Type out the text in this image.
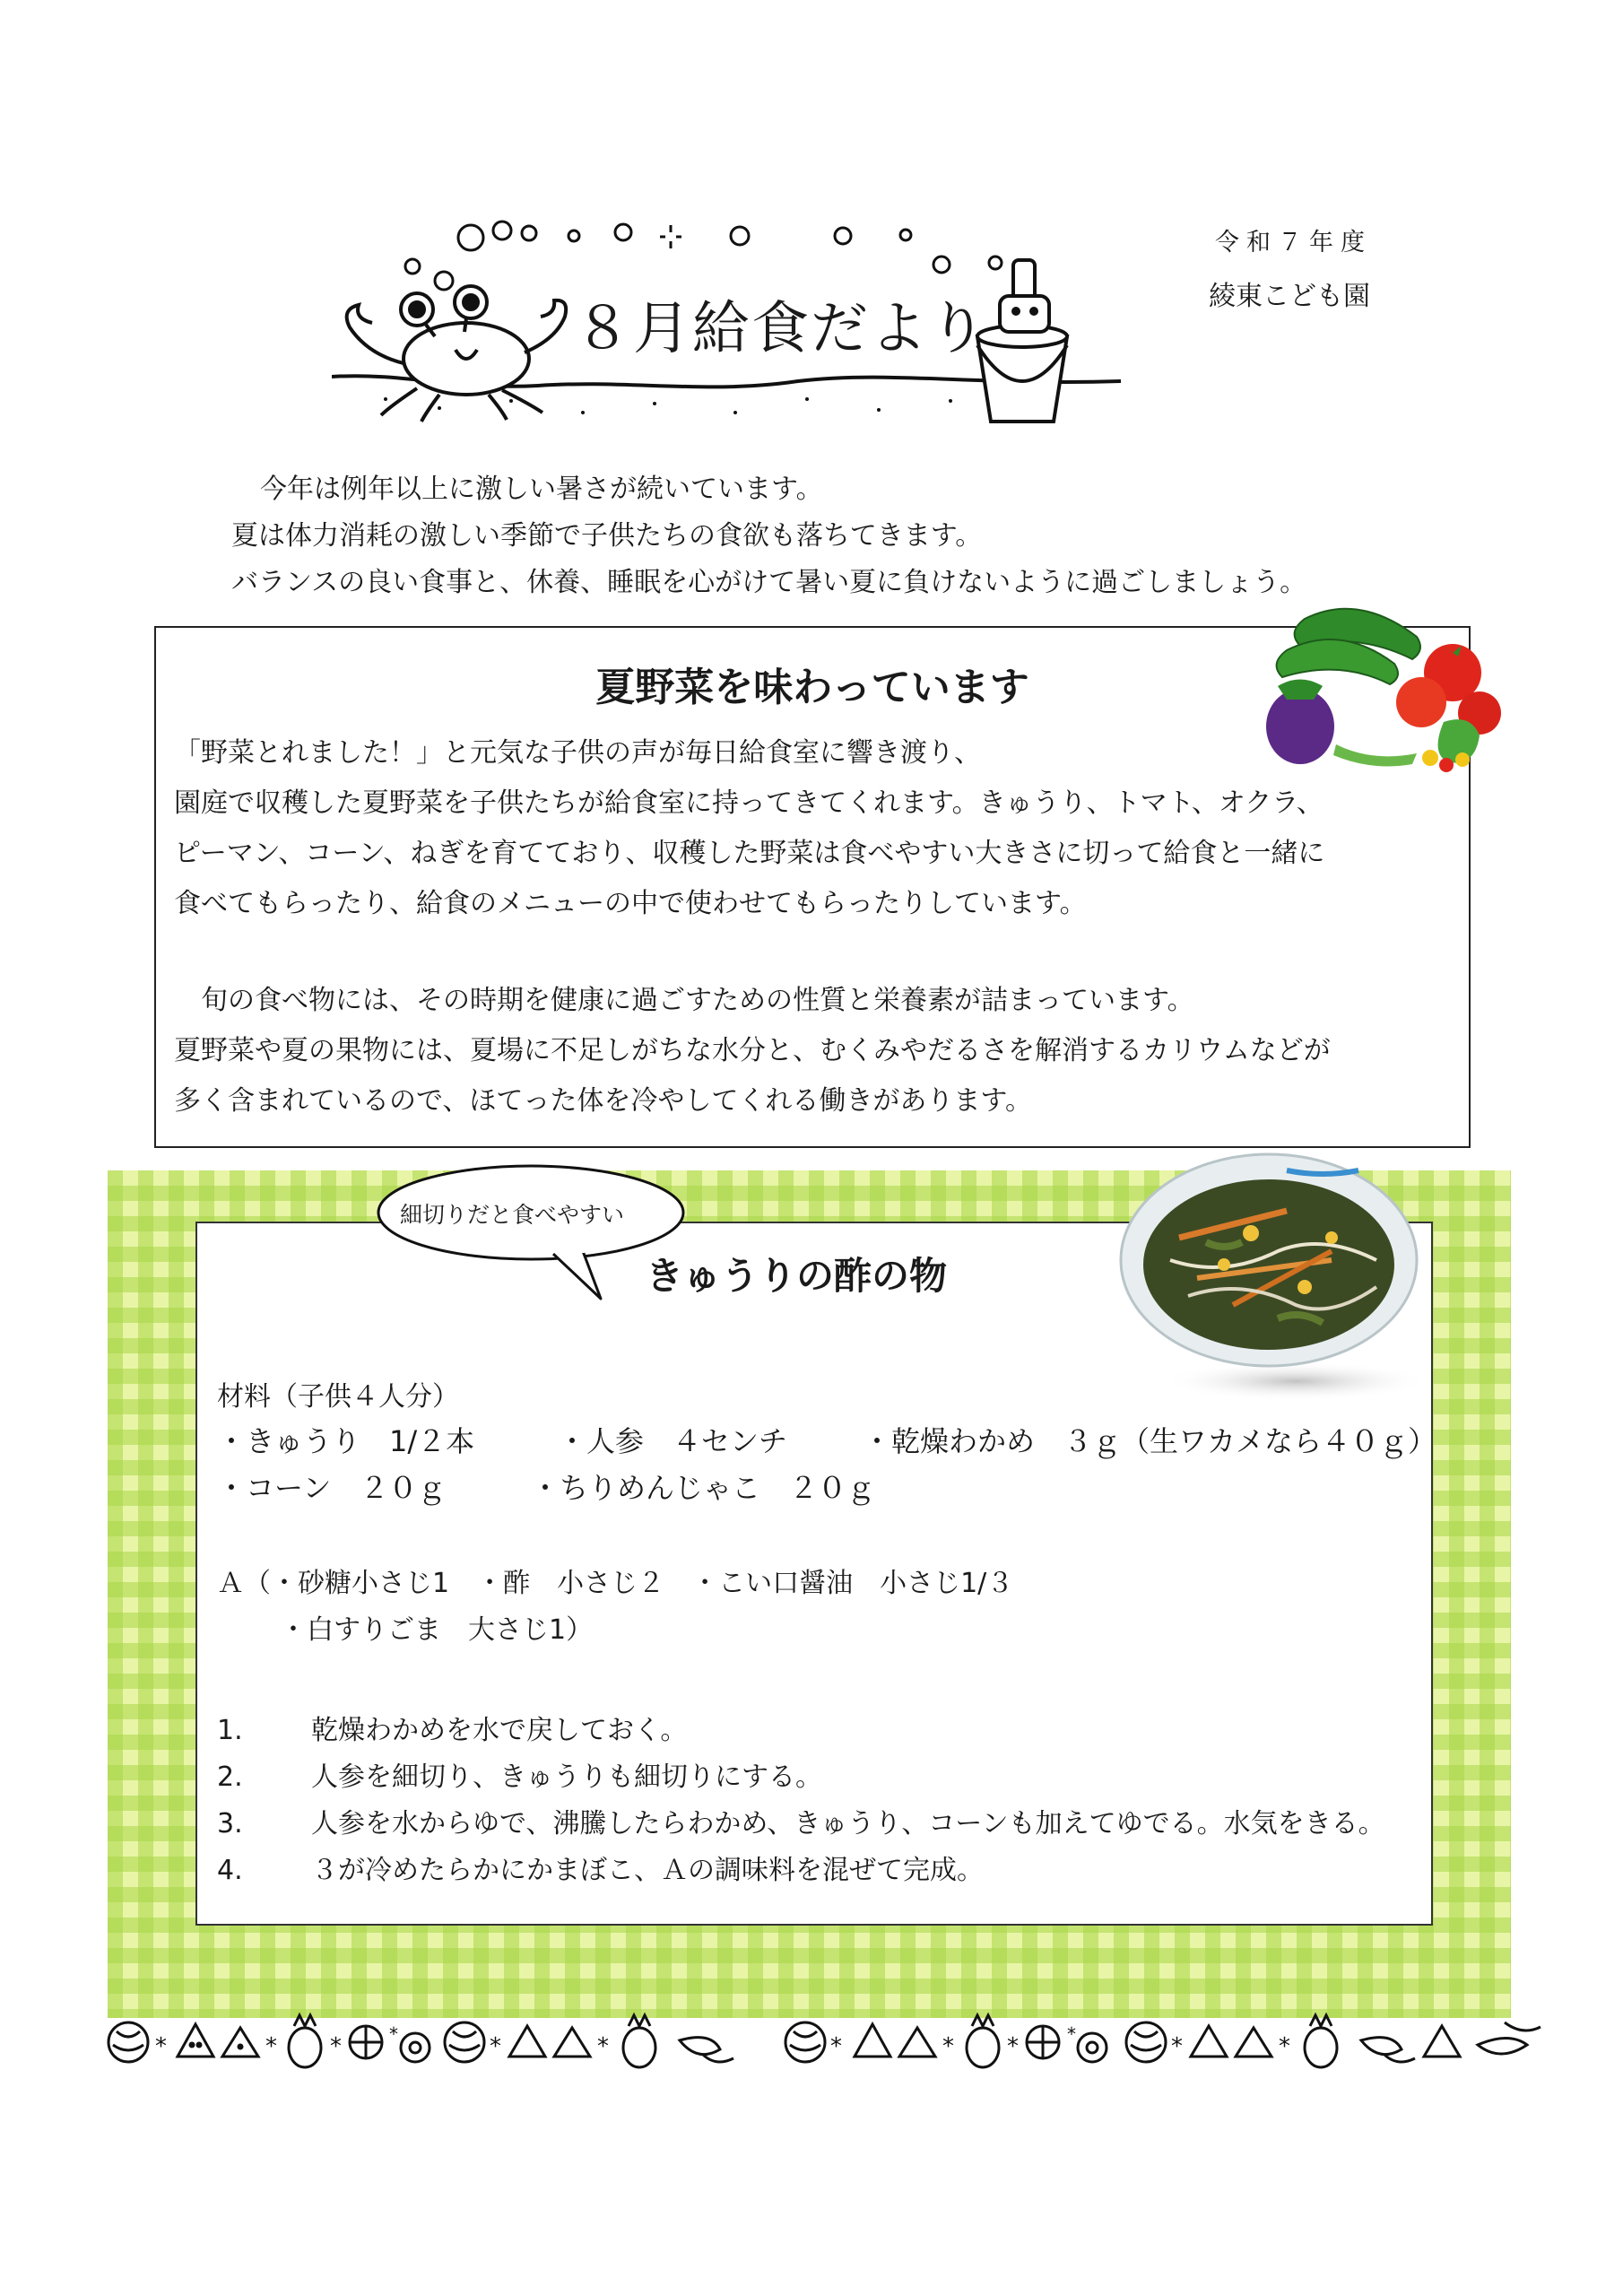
８月給食だより
令和７年度
綾東こども園
今年は例年以上に激しい暑さが続いています。
夏は体力消耗の激しい季節で子供たちの食欲も落ちてきます。
バランスの良い食事と、休養、睡眠を心がけて暑い夏に負けないように過ごしましょう。
夏野菜を味わっています
「野菜とれました！」と元気な子供の声が毎日給食室に響き渡り、
園庭で収穫した夏野菜を子供たちが給食室に持ってきてくれます。きゅうり、トマト、オクラ、
ピーマン、コーン、ねぎを育てており、収穫した野菜は食べやすい大きさに切って給食と一緒に
食べてもらったり、給食のメニューの中で使わせてもらったりしています。
　旬の食べ物には、その時期を健康に過ごすための性質と栄養素が詰まっています。
夏野菜や夏の果物には、夏場に不足しがちな水分と、むくみやだるさを解消するカリウムなどが
多く含まれているので、ほてった体を冷やしてくれる働きがあります。
材料（子供４人分）
・きゅうり　1/２本	・人参　４センチ	・乾燥わかめ　３ｇ（生ワカメなら４０ｇ）
・コーン　２０ｇ	・ちりめんじゃこ　２０ｇ
Ａ（・砂糖小さじ1　・酢　小さじ２　・こい口醤油　小さじ1/３
・白すりごま　大さじ1）
1.	乾燥わかめを水で戻しておく。
2.	人参を細切り、きゅうりも細切りにする。
3.	人参を水からゆで、沸騰したらわかめ、きゅうり、コーンも加えてゆでる。水気をきる。
4.	３が冷めたらかにかまぼこ、Ａの調味料を混ぜて完成。
細切りだと食べやすい
きゅうりの酢の物
*	* *	*	*	*	*	* *	*	*	*
